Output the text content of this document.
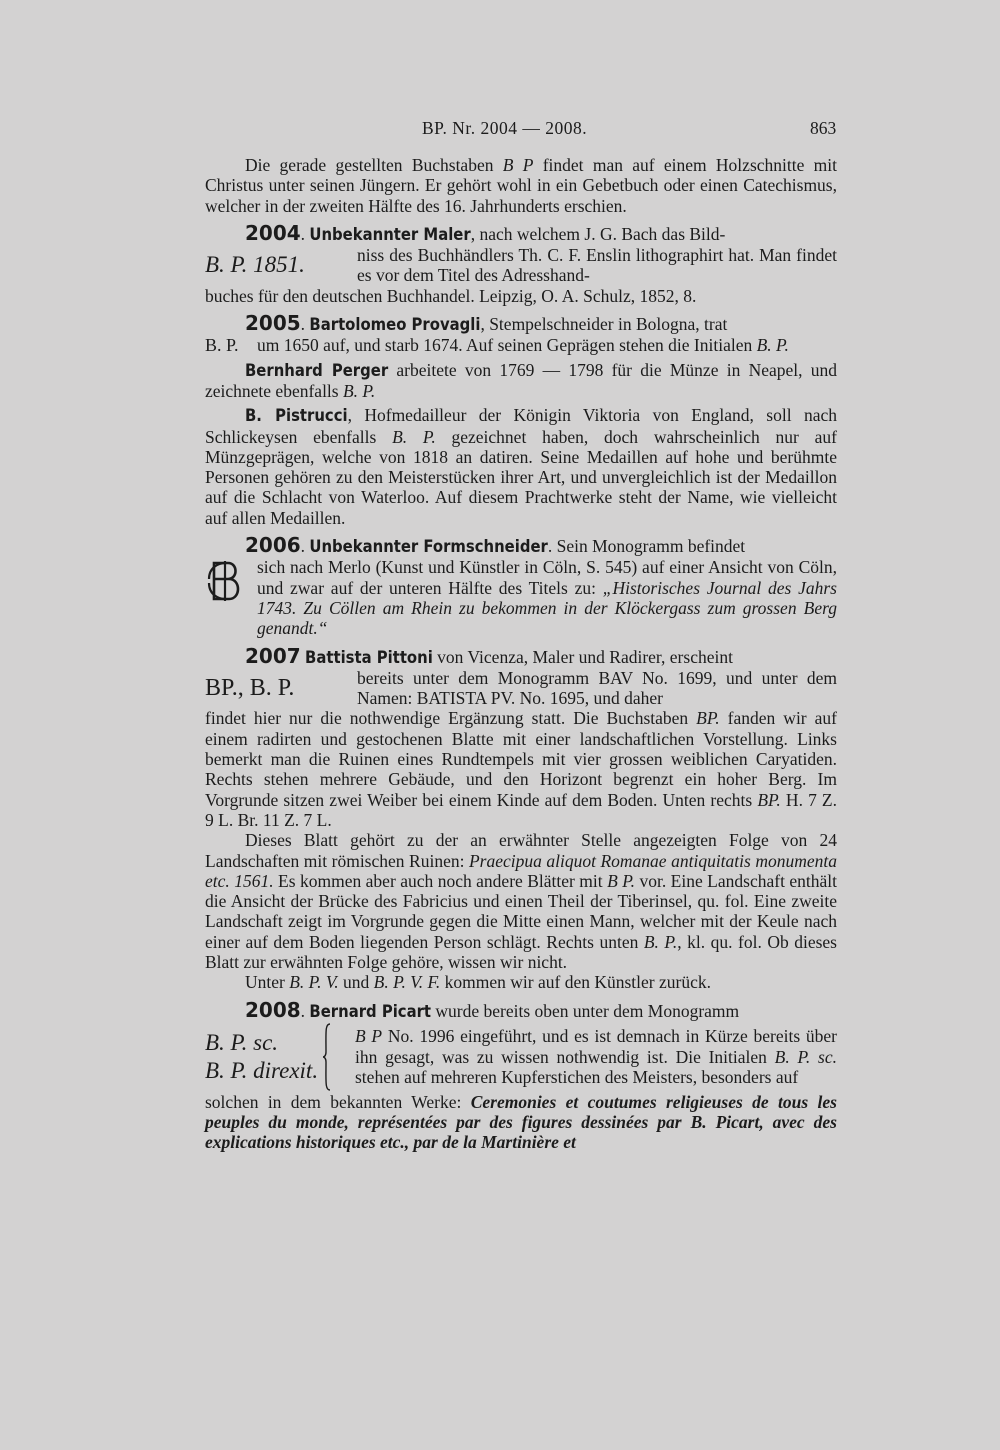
BP. Nr. 2004 — 2008.	863

Die gerade gestellten Buchstaben B P findet man auf einem Holzschnitte mit Christus unter seinen Jüngern. Er gehört wohl in ein Gebetbuch oder einen Catechismus, welcher in der zweiten Hälfte des 16. Jahrhunderts erschien.

2004. Unbekannter Maler, nach welchem J. G. Bach das Bild-

B. P. 1851.	niss des Buchhändlers Th. C. F. Enslin lithographirt hat. Man findet es vor dem Titel des Adresshand-

buches für den deutschen Buchhandel. Leipzig, O. A. Schulz, 1852, 8.

2005. Bartolomeo Provagli, Stempelschneider in Bologna, trat

B. P.	um 1650 auf, und starb 1674. Auf seinen Geprägen stehen die Initialen B. P.

Bernhard Perger arbeitete von 1769 — 1798 für die Münze in Neapel, und zeichnete ebenfalls B. P.

B. Pistrucci, Hofmedailleur der Königin Viktoria von England, soll nach Schlickeysen ebenfalls B. P. gezeichnet haben, doch wahrscheinlich nur auf Münzgeprägen, welche von 1818 an datiren. Seine Medaillen auf hohe und berühmte Personen gehören zu den Meisterstücken ihrer Art, und unvergleichlich ist der Medaillon auf die Schlacht von Waterloo. Auf diesem Prachtwerke steht der Name, wie vielleicht auf allen Medaillen.

2006. Unbekannter Formschneider. Sein Monogramm befindet

sich nach Merlo (Kunst und Künstler in Cöln, S. 545) auf einer Ansicht von Cöln, und zwar auf der unteren Hälfte des Titels zu: „Historisches Journal des Jahrs 1743. Zu Cöllen am Rhein zu bekommen in der Klöckergass zum grossen Berg genandt.“

2007 Battista Pittoni von Vicenza, Maler und Radirer, erscheint

BP., B. P.	bereits unter dem Monogramm BAV No. 1699, und unter dem Namen: BATISTA PV. No. 1695, und daher

findet hier nur die nothwendige Ergänzung statt. Die Buchstaben BP. fanden wir auf einem radirten und gestochenen Blatte mit einer landschaftlichen Vorstellung. Links bemerkt man die Ruinen eines Rundtempels mit vier grossen weiblichen Caryatiden. Rechts stehen mehrere Gebäude, und den Horizont begrenzt ein hoher Berg. Im Vorgrunde sitzen zwei Weiber bei einem Kinde auf dem Boden. Unten rechts BP. H. 7 Z. 9 L. Br. 11 Z. 7 L.

Dieses Blatt gehört zu der an erwähnter Stelle angezeigten Folge von 24 Landschaften mit römischen Ruinen: Praecipua aliquot Romanae antiquitatis monumenta etc. 1561. Es kommen aber auch noch andere Blätter mit B P. vor. Eine Landschaft enthält die Ansicht der Brücke des Fabricius und einen Theil der Tiberinsel, qu. fol. Eine zweite Landschaft zeigt im Vorgrunde gegen die Mitte einen Mann, welcher mit der Keule nach einer auf dem Boden liegenden Person schlägt. Rechts unten B. P., kl. qu. fol. Ob dieses Blatt zur erwähnten Folge gehöre, wissen wir nicht.

Unter B. P. V. und B. P. V. F. kommen wir auf den Künstler zurück.

2008. Bernard Picart wurde bereits oben unter dem Monogramm

B. P. sc.
B. P. direxit.
B P No. 1996 eingeführt, und es ist demnach in Kürze bereits über ihn gesagt, was zu wissen nothwendig ist. Die Initialen B. P. sc. stehen auf mehreren Kupferstichen des Meisters, besonders auf

solchen in dem bekannten Werke: Ceremonies et coutumes religieuses de tous les peuples du monde, représentées par des figures dessinées par B. Picart, avec des explications historiques etc., par de la Martinière et
